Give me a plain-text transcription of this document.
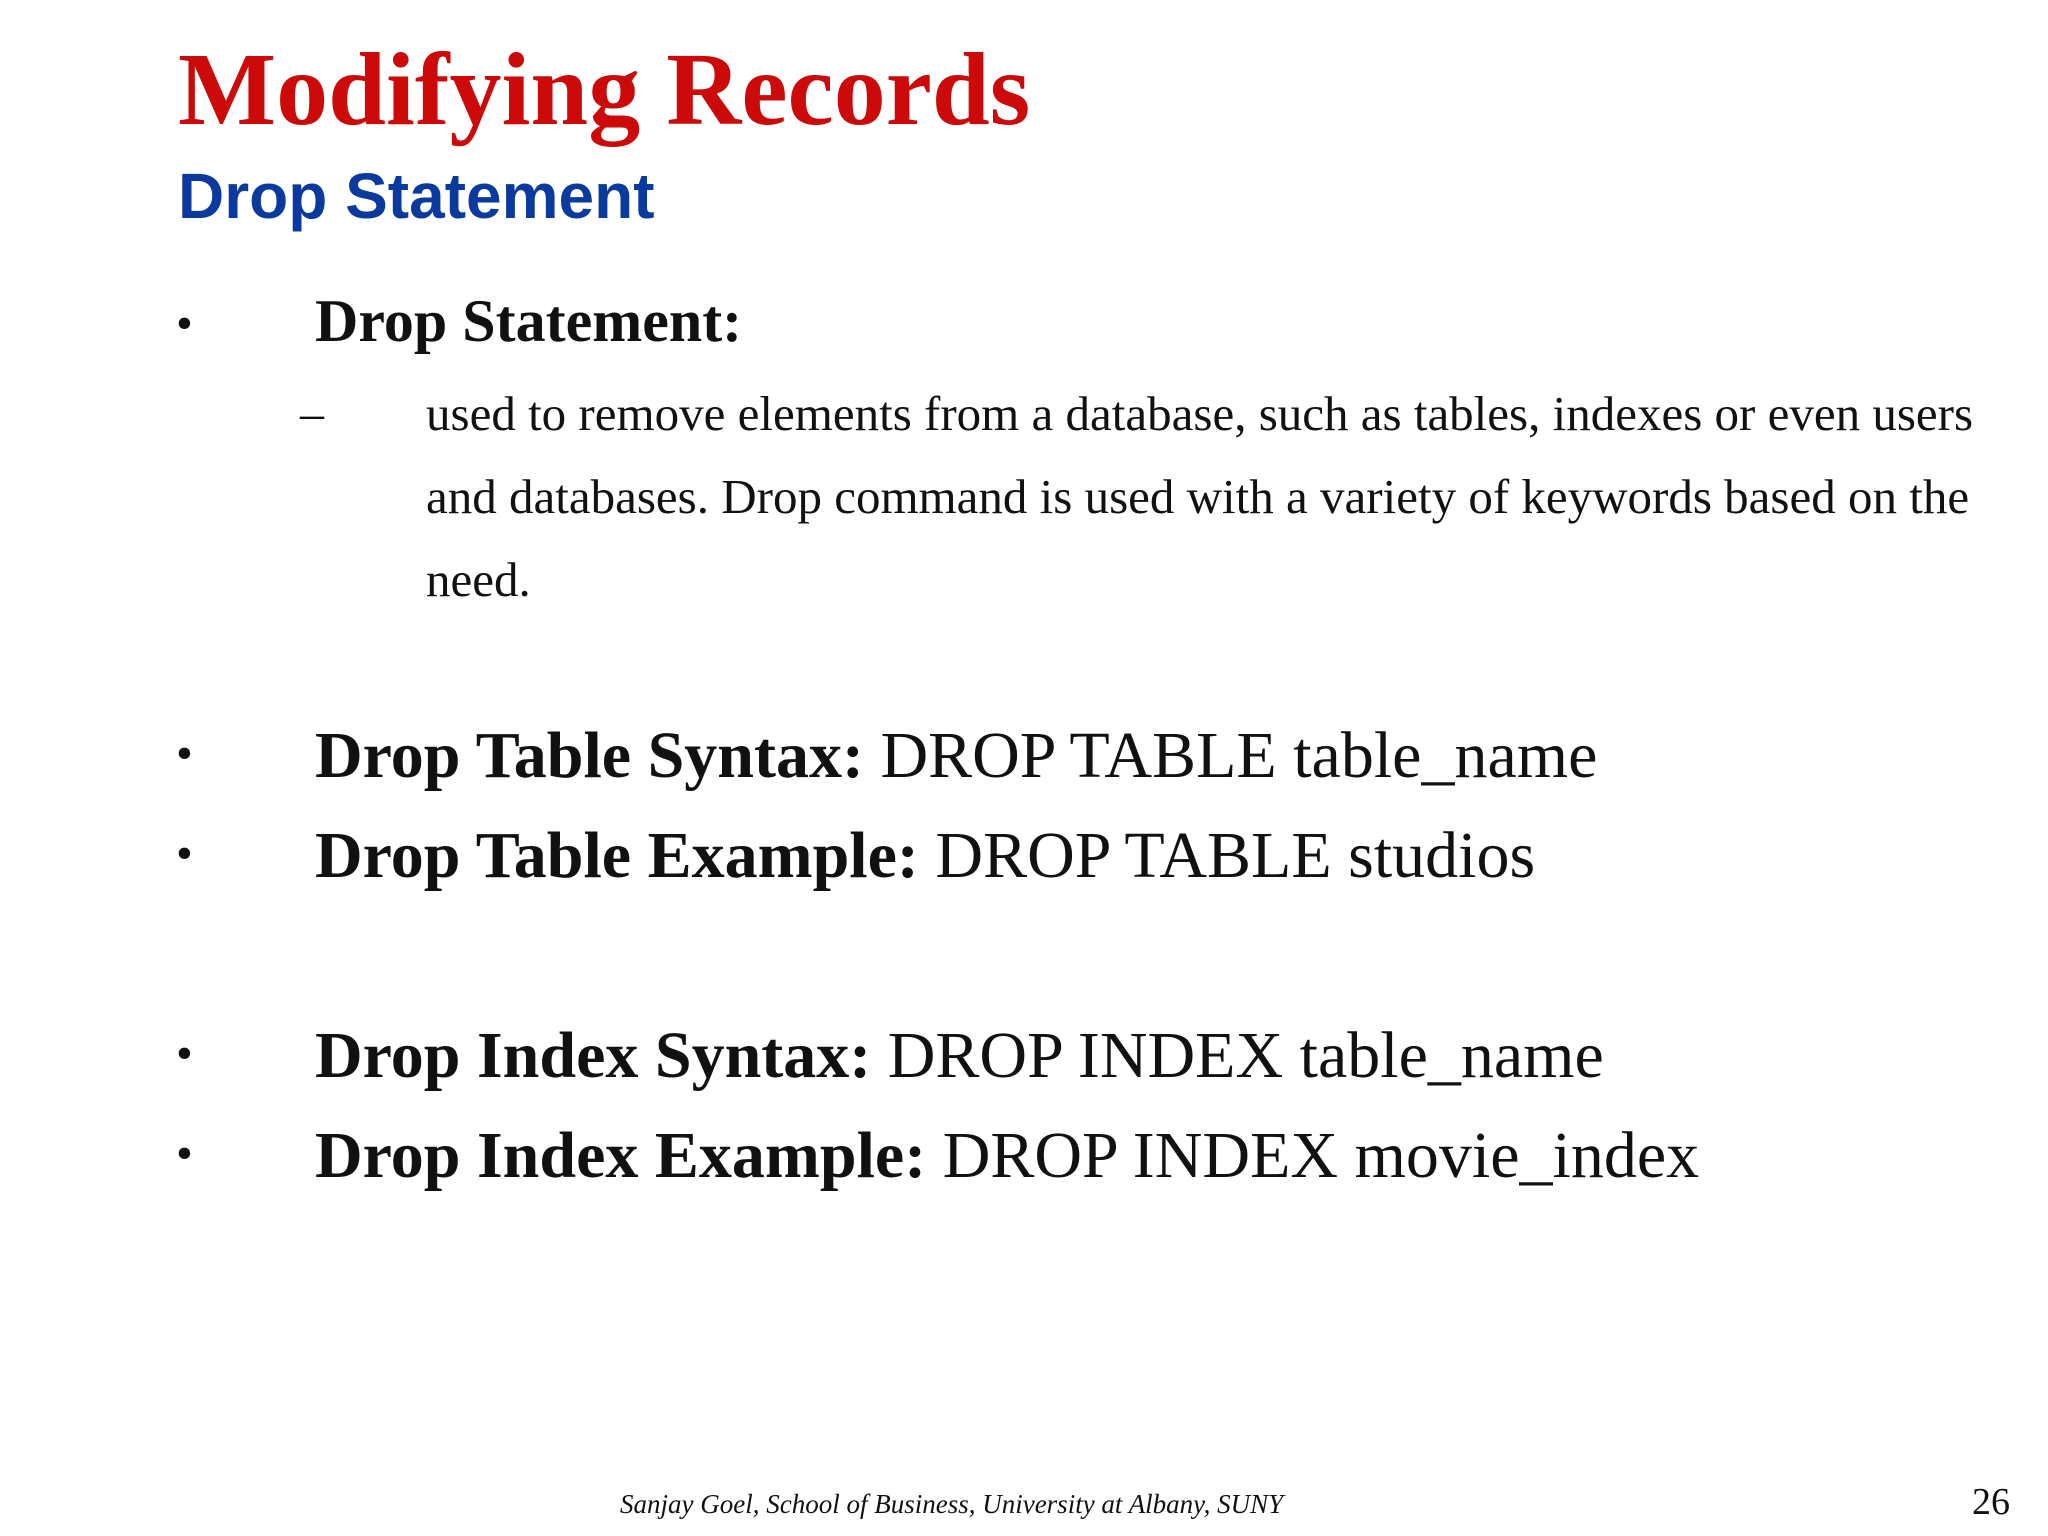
Modifying Records
Drop Statement
• Drop Statement:
– used to remove elements from a database, such as tables, indexes or even users and databases. Drop command is used with a variety of keywords based on the need.
• Drop Table Syntax: DROP TABLE table_name
• Drop Table Example: DROP TABLE studios
• Drop Index Syntax: DROP INDEX table_name
• Drop Index Example: DROP INDEX movie_index
Sanjay Goel, School of Business, University at Albany, SUNY	26
